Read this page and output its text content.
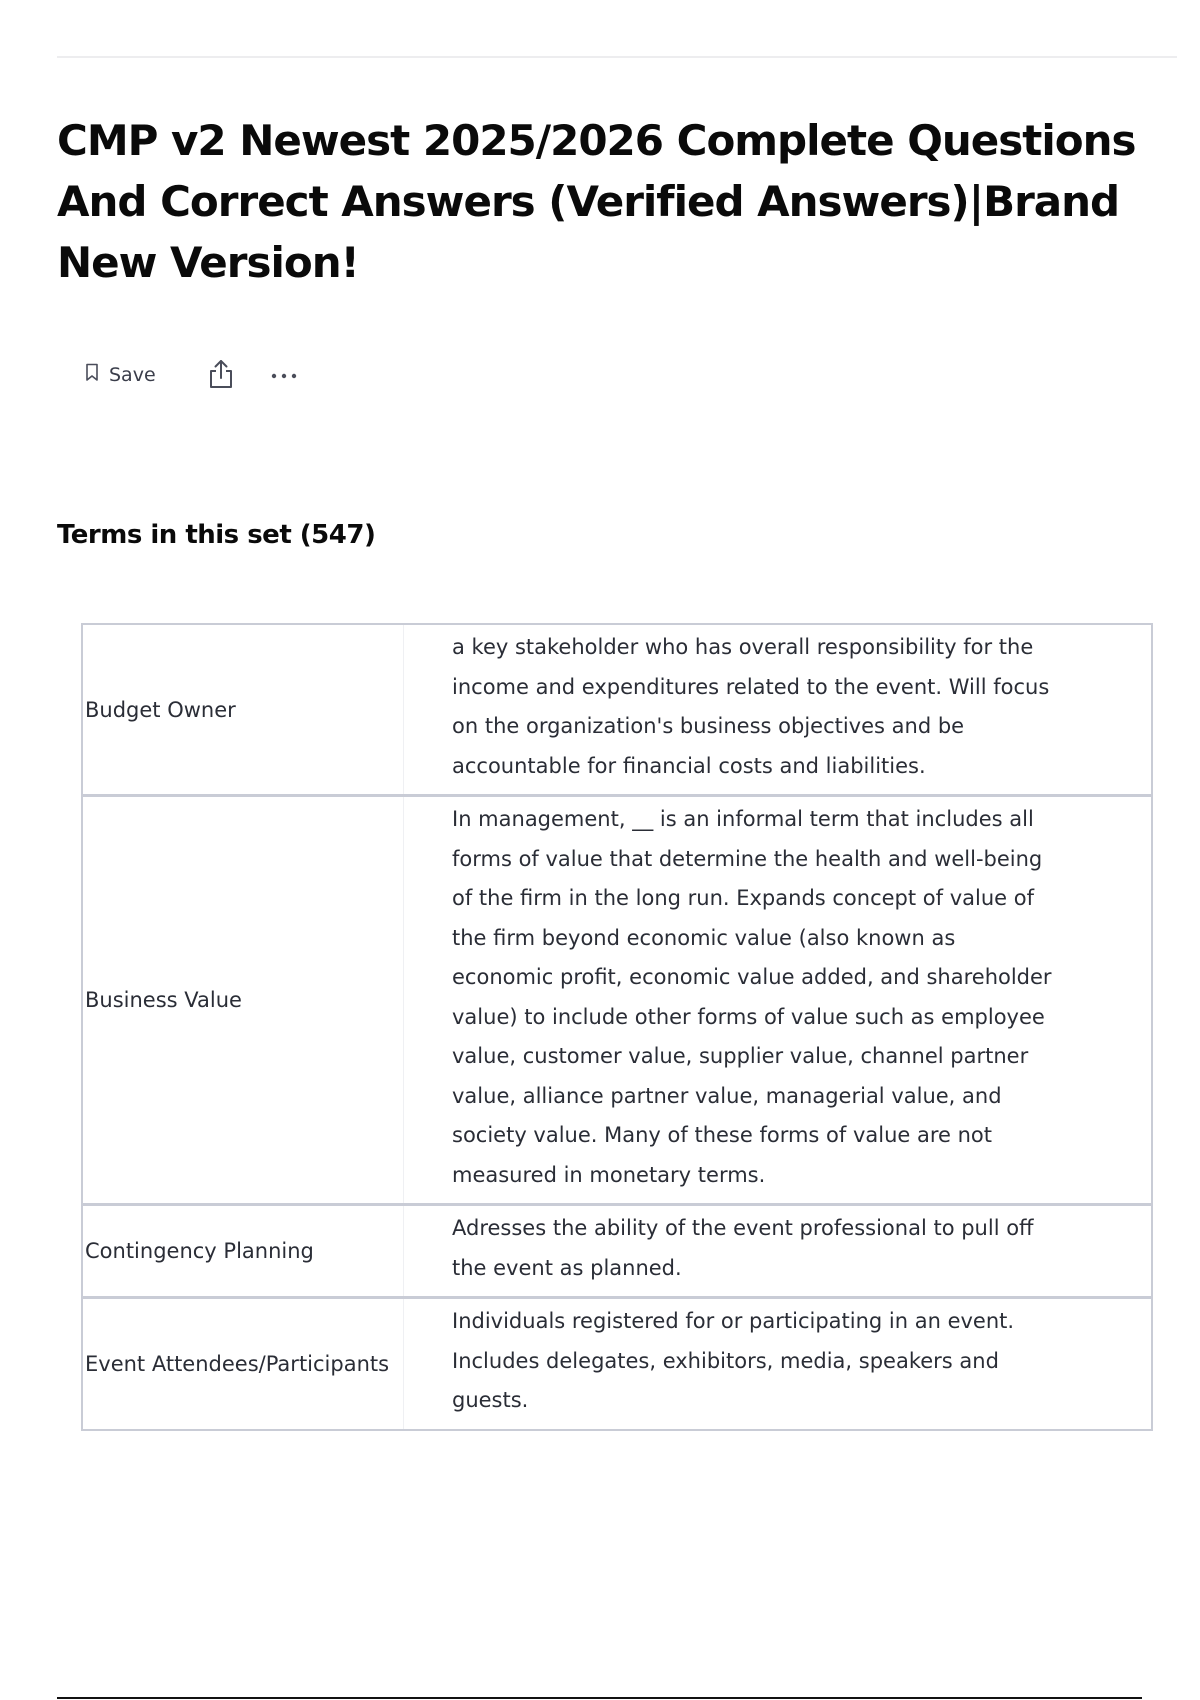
CMP v2 Newest 2025/2026 Complete Questions And Correct Answers (Verified Answers)|Brand New Version!
Save
Terms in this set (547)
Budget Owner	a key stakeholder who has overall responsibility for the income and expenditures related to the event. Will focus on the organization's business objectives and be accountable for financial costs and liabilities.
Business Value	In management, __ is an informal term that includes all forms of value that determine the health and well-being of the firm in the long run. Expands concept of value of the firm beyond economic value (also known as economic profit, economic value added, and shareholder value) to include other forms of value such as employee value, customer value, supplier value, channel partner value, alliance partner value, managerial value, and society value. Many of these forms of value are not measured in monetary terms.
Contingency Planning	Adresses the ability of the event professional to pull off the event as planned.
Event Attendees/Participants	Individuals registered for or participating in an event. Includes delegates, exhibitors, media, speakers and guests.
